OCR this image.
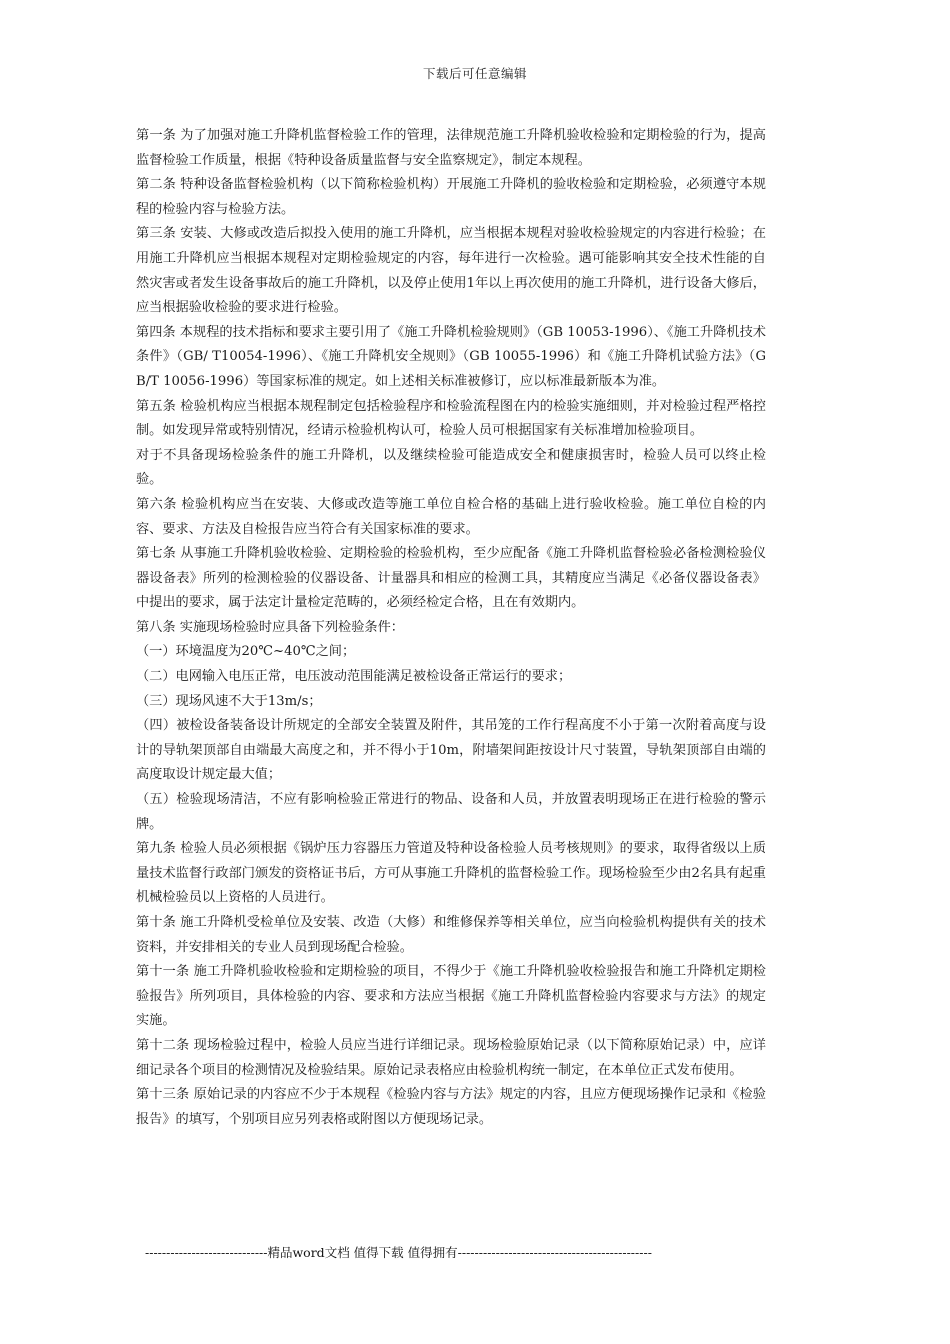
下载后可任意编辑

第一条 为了加强对施工升降机监督检验工作的管理，法律规范施工升降机验收检验和定期检验的行为，提高监督检验工作质量，根据《特种设备质量监督与安全监察规定》，制定本规程。

第二条 特种设备监督检验机构（以下简称检验机构）开展施工升降机的验收检验和定期检验，必须遵守本规程的检验内容与检验方法。

第三条 安装、大修或改造后拟投入使用的施工升降机，应当根据本规程对验收检验规定的内容进行检验；在用施工升降机应当根据本规程对定期检验规定的内容，每年进行一次检验。遇可能影响其安全技术性能的自然灾害或者发生设备事故后的施工升降机，以及停止使用1年以上再次使用的施工升降机，进行设备大修后，应当根据验收检验的要求进行检验。

第四条 本规程的技术指标和要求主要引用了《施工升降机检验规则》（GB 10053-1996）、《施工升降机技术条件》（GB/ T10054-1996）、《施工升降机安全规则》（GB 10055-1996）和《施工升降机试验方法》（GB/T 10056-1996）等国家标准的规定。如上述相关标准被修订，应以标准最新版本为准。

第五条 检验机构应当根据本规程制定包括检验程序和检验流程图在内的检验实施细则，并对检验过程严格控制。如发现异常或特别情况，经请示检验机构认可，检验人员可根据国家有关标准增加检验项目。

对于不具备现场检验条件的施工升降机，以及继续检验可能造成安全和健康损害时，检验人员可以终止检验。

第六条 检验机构应当在安装、大修或改造等施工单位自检合格的基础上进行验收检验。施工单位自检的内容、要求、方法及自检报告应当符合有关国家标准的要求。

第七条 从事施工升降机验收检验、定期检验的检验机构，至少应配备《施工升降机监督检验必备检测检验仪器设备表》所列的检测检验的仪器设备、计量器具和相应的检测工具，其精度应当满足《必备仪器设备表》中提出的要求，属于法定计量检定范畴的，必须经检定合格，且在有效期内。

第八条 实施现场检验时应具备下列检验条件：

（一）环境温度为20℃~40℃之间；

（二）电网输入电压正常，电压波动范围能满足被检设备正常运行的要求；

（三）现场风速不大于13m/s；

（四）被检设备装备设计所规定的全部安全装置及附件，其吊笼的工作行程高度不小于第一次附着高度与设计的导轨架顶部自由端最大高度之和，并不得小于10m，附墙架间距按设计尺寸装置，导轨架顶部自由端的高度取设计规定最大值；

（五）检验现场清洁，不应有影响检验正常进行的物品、设备和人员，并放置表明现场正在进行检验的警示牌。

第九条 检验人员必须根据《锅炉压力容器压力管道及特种设备检验人员考核规则》的要求，取得省级以上质量技术监督行政部门颁发的资格证书后，方可从事施工升降机的监督检验工作。现场检验至少由2名具有起重机械检验员以上资格的人员进行。

第十条 施工升降机受检单位及安装、改造（大修）和维修保养等相关单位，应当向检验机构提供有关的技术资料，并安排相关的专业人员到现场配合检验。

第十一条 施工升降机验收检验和定期检验的项目，不得少于《施工升降机验收检验报告和施工升降机定期检验报告》所列项目，具体检验的内容、要求和方法应当根据《施工升降机监督检验内容要求与方法》的规定实施。

第十二条 现场检验过程中，检验人员应当进行详细记录。现场检验原始记录（以下简称原始记录）中，应详细记录各个项目的检测情况及检验结果。原始记录表格应由检验机构统一制定，在本单位正式发布使用。

第十三条 原始记录的内容应不少于本规程《检验内容与方法》规定的内容，且应方便现场操作记录和《检验报告》的填写，个别项目应另列表格或附图以方便现场记录。

-----------------------------精品word文档 值得下载 值得拥有----------------------------------------------
